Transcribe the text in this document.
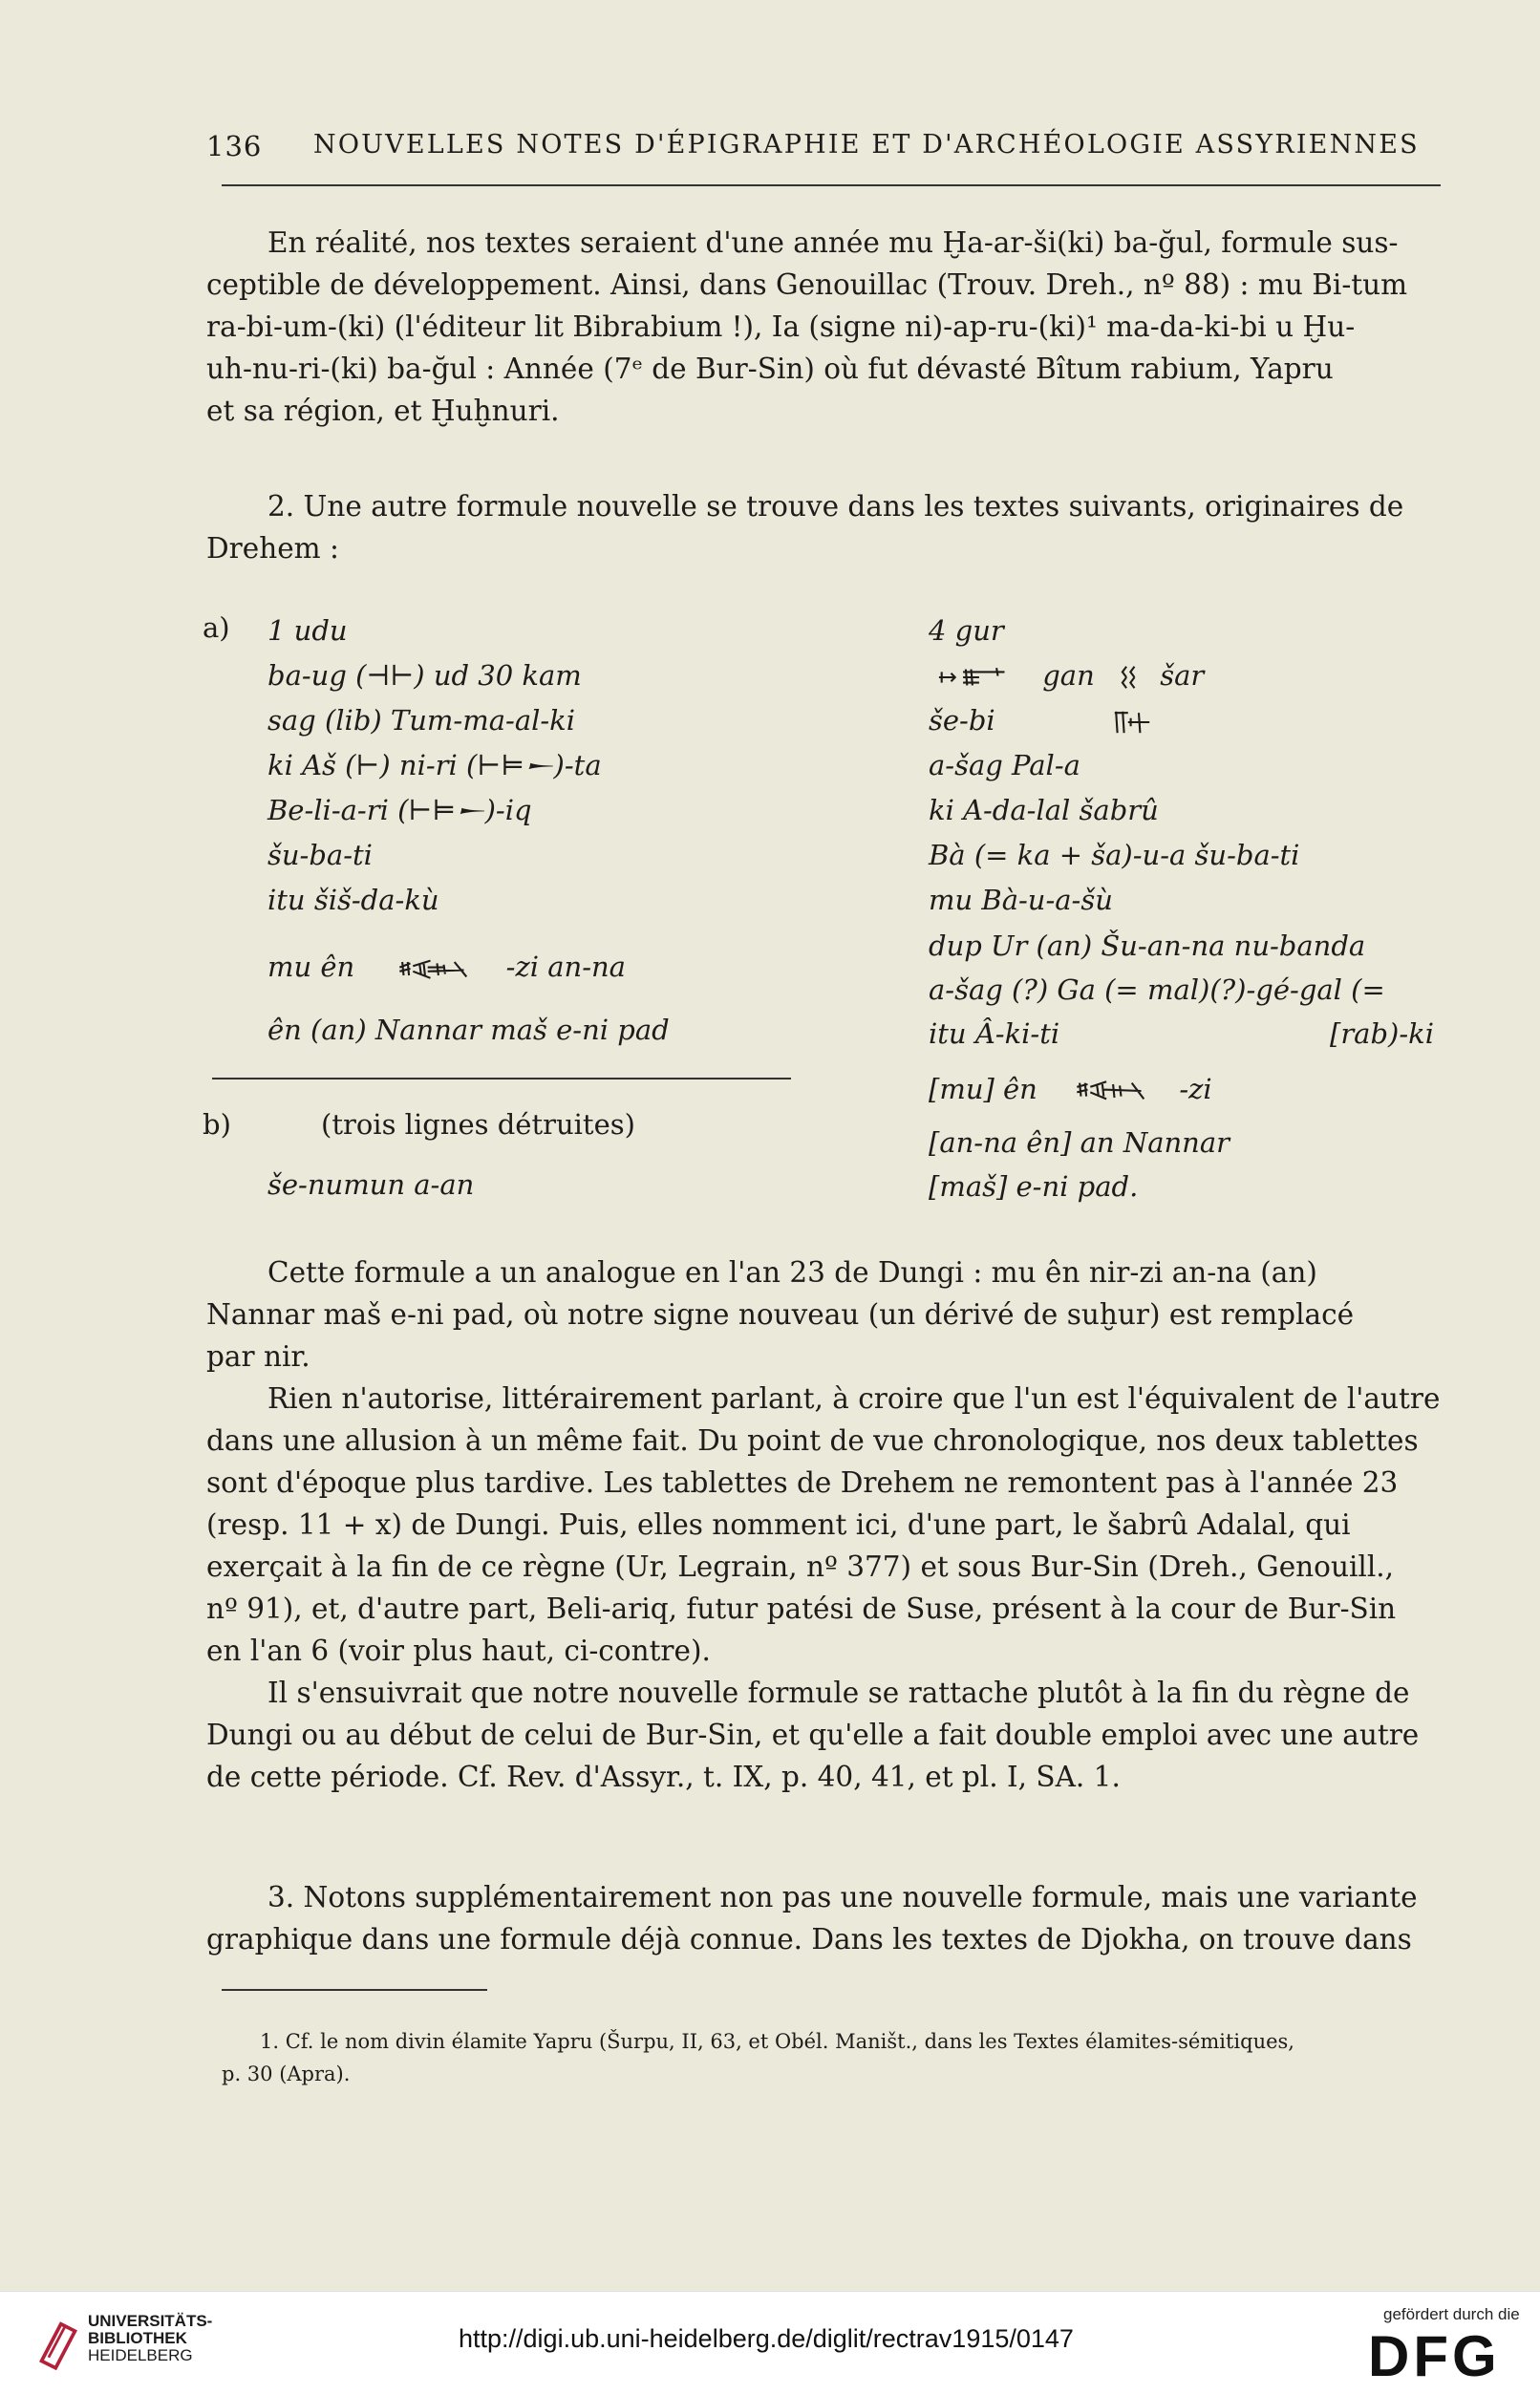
136 NOUVELLES NOTES D'ÉPIGRAPHIE ET D'ARCHÉOLOGIE ASSYRIENNES

En réalité, nos textes seraient d'une année mu Ḫa-ar-ši(ki) ba-ğul, formule sus-

ceptible de développement. Ainsi, dans Genouillac (Trouv. Dreh., nº 88) : mu Bi-tum

ra-bi-um-(ki) (l'éditeur lit Bibrabium !), Ia (signe ni)-ap-ru-(ki)¹ ma-da-ki-bi u Ḫu-

uh-nu-ri-(ki) ba-ğul : Année (7ᵉ de Bur-Sin) où fut dévasté Bîtum rabium, Yapru

et sa région, et Ḫuḫnuri.

2. Une autre formule nouvelle se trouve dans les textes suivants, originaires de

Drehem :

a) 1 udu
ba-ug (⊣⊢) ud 30 kam
sag (lib) Tum-ma-al-ki
ki Aš (⊢) ni-ri (⊢⊨𒀸)-ta
Be-li-a-ri (⊢⊨𒀸)-iq
šu-ba-ti
itu šiš-da-kù
mu ên	-zi an-na
ên (an) Nannar maš e-ni pad
b)	(trois lignes détruites)
še-numun a-an
4 gur
gan šar
še-bi
a-šag Pal-a
ki A-da-lal šabrû
Bà (= ka + ša)-u-a šu-ba-ti
mu Bà-u-a-šù
dup Ur (an) Šu-an-na nu-banda
a-šag (?) Ga (= mal)(?)-gé-gal (=
itu Â-ki-ti	[rab)-ki
[mu] ên	-zi
[an-na ên] an Nannar
[maš] e-ni pad.

Cette formule a un analogue en l'an 23 de Dungi : mu ên nir-zi an-na (an)

Nannar maš e-ni pad, où notre signe nouveau (un dérivé de suḫur) est remplacé

par nir.

Rien n'autorise, littérairement parlant, à croire que l'un est l'équivalent de l'autre

dans une allusion à un même fait. Du point de vue chronologique, nos deux tablettes

sont d'époque plus tardive. Les tablettes de Drehem ne remontent pas à l'année 23

(resp. 11 + x) de Dungi. Puis, elles nomment ici, d'une part, le šabrû Adalal, qui

exerçait à la fin de ce règne (Ur, Legrain, nº 377) et sous Bur-Sin (Dreh., Genouill.,

nº 91), et, d'autre part, Beli-ariq, futur patési de Suse, présent à la cour de Bur-Sin

en l'an 6 (voir plus haut, ci-contre).

Il s'ensuivrait que notre nouvelle formule se rattache plutôt à la fin du règne de

Dungi ou au début de celui de Bur-Sin, et qu'elle a fait double emploi avec une autre

de cette période. Cf. Rev. d'Assyr., t. IX, p. 40, 41, et pl. I, SA. 1.

3. Notons supplémentairement non pas une nouvelle formule, mais une variante

graphique dans une formule déjà connue. Dans les textes de Djokha, on trouve dans

1. Cf. le nom divin élamite Yapru (Šurpu, II, 63, et Obél. Maništ., dans les Textes élamites-sémitiques,

p. 30 (Apra).

UNIVERSITÄTS-
BIBLIOTHEK
HEIDELBERG
http://digi.ub.uni-heidelberg.de/diglit/rectrav1915/0147
gefördert durch die
DFG
